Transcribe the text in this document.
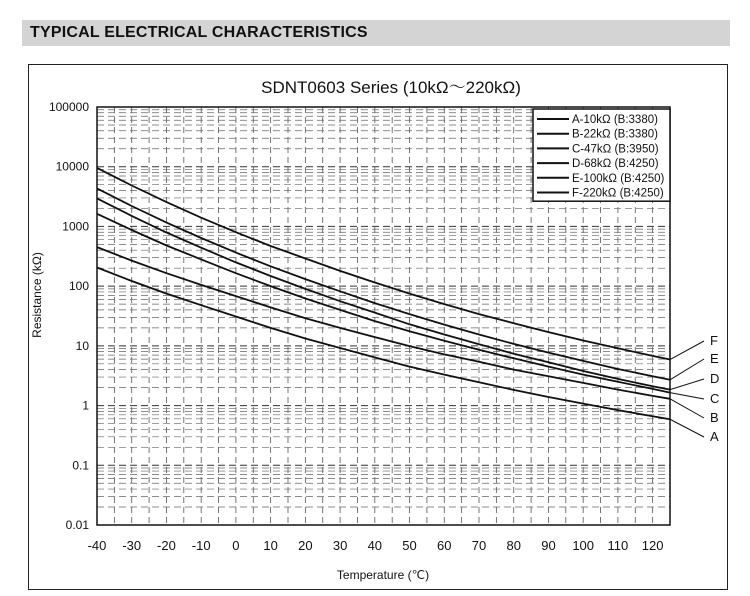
TYPICAL ELECTRICAL CHARACTERISTICS
A
B
C
D
E
F
A-10kΩ (B:3380)
B-22kΩ (B:3380)
C-47kΩ (B:3950)
D-68kΩ (B:4250)
E-100kΩ (B:4250)
F-220kΩ (B:4250)
-40 -30 -20 -10 0 10 20 30 40 50 60 70 80 90 100 110 120
100000
10000
1000
100
10
1
0.1
0.01
SDNT0603 Series (10kΩ～220kΩ)
Temperature (℃)
Resistance (kΩ)
